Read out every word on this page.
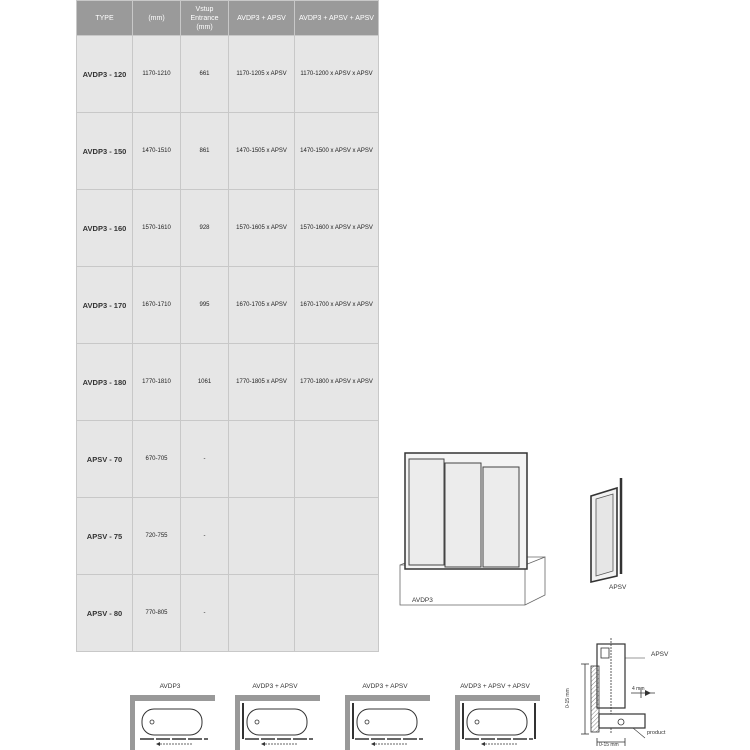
TYPE	(mm)	Vstup
Entrance
(mm)	AVDP3 + APSV	AVDP3 + APSV + APSV
AVDP3 - 120	1170-1210	661	1170-1205 x APSV	1170-1200 x APSV x APSV
AVDP3 - 150	1470-1510	861	1470-1505 x APSV	1470-1500 x APSV x APSV
AVDP3 - 160	1570-1610	928	1570-1605 x APSV	1570-1600 x APSV x APSV
AVDP3 - 170	1670-1710	995	1670-1705 x APSV	1670-1700 x APSV x APSV
AVDP3 - 180	1770-1810	1061	1770-1805 x APSV	1770-1800 x APSV x APSV
APSV - 70	670-705	-		
APSV - 75	720-755	-		
APSV - 80	770-805	-		
AVDP3
APSV
AVDP3	AVDP3 + APSV	AVDP3 + APSV	AVDP3 + APSV + APSV
APSV
4 mm
product
0-15 mm
0-15 mm
